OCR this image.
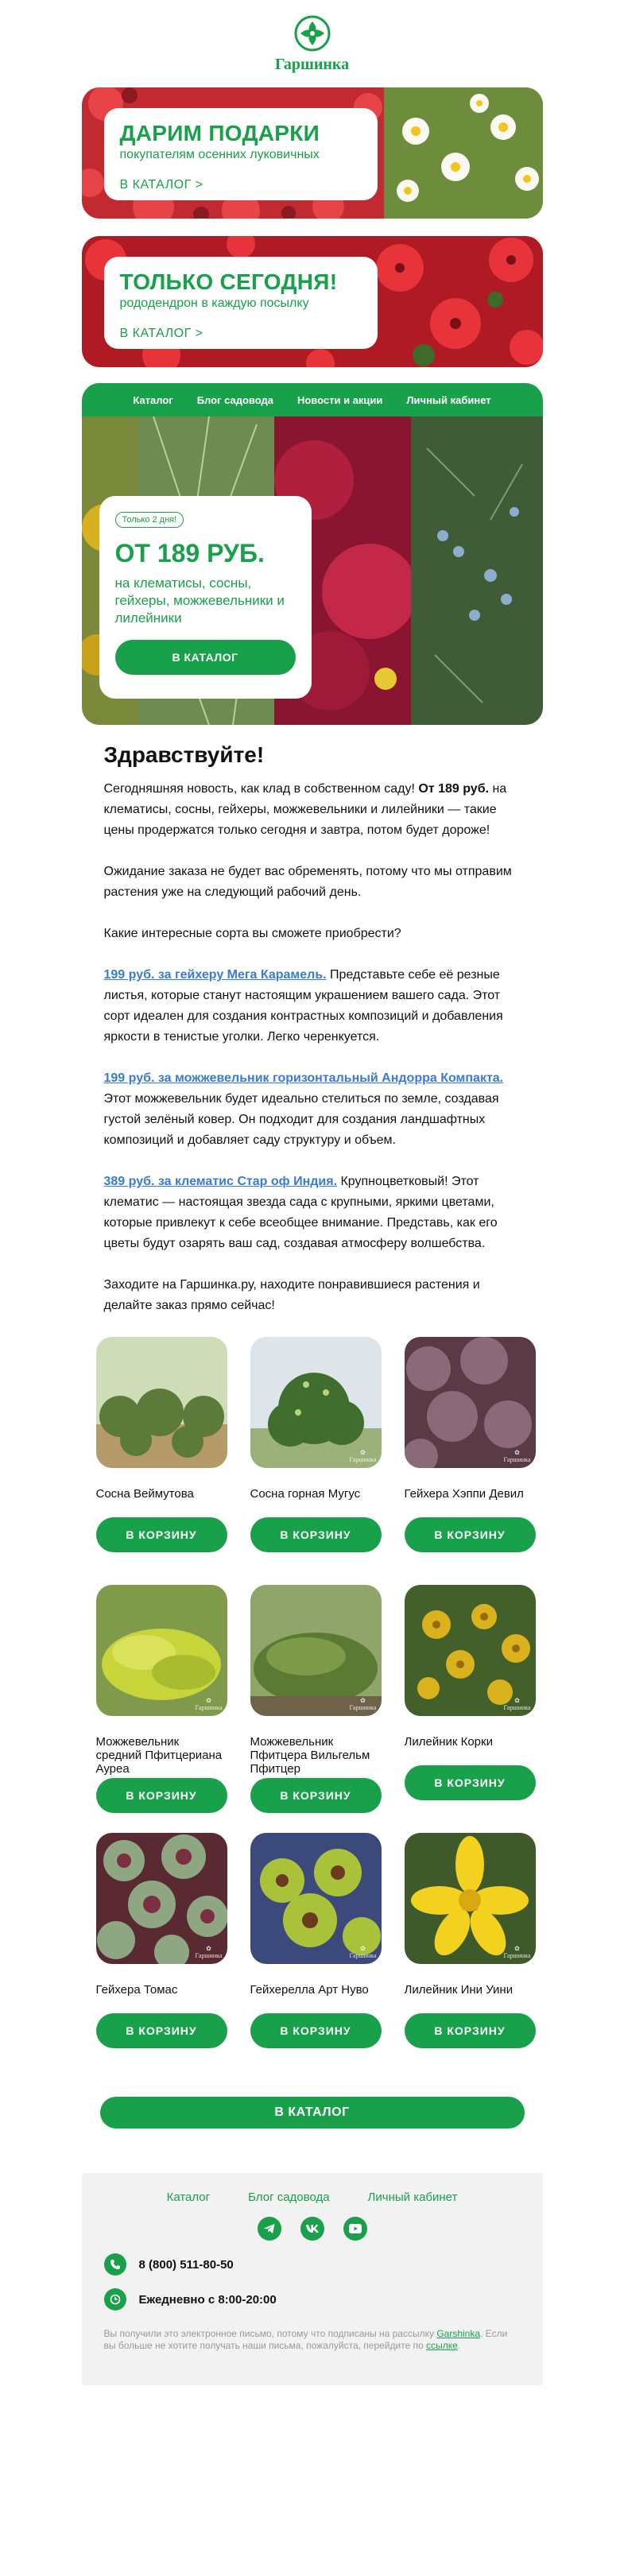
Гаршинка
ДАРИМ ПОДАРКИ
покупателям осенних луковичных
В КАТАЛОГ >
ТОЛЬКО СЕГОДНЯ!
рододендрон в каждую посылку
В КАТАЛОГ >
Каталог Блог садовода Новости и акции Личный кабинет
Только 2 дня!
ОТ 189 РУБ.
на клематисы, сосны, гейхеры, можжевельники и лилейники
В КАТАЛОГ
Здравствуйте!

Сегодняшняя новость, как клад в собственном саду! От 189 руб. на клематисы, сосны, гейхеры, можжевельники и лилейники — такие цены продержатся только сегодня и завтра, потом будет дороже!

Ожидание заказа не будет вас обременять, потому что мы отправим растения уже на следующий рабочий день.

Какие интересные сорта вы сможете приобрести?

199 руб. за гейхеру Мега Карамель. Представьте себе её резные листья, которые станут настоящим украшением вашего сада. Этот сорт идеален для создания контрастных композиций и добавления яркости в тенистые уголки. Легко черенкуется.

199 руб. за можжевельник горизонтальный Андорра Компакта. Этот можжевельник будет идеально стелиться по земле, создавая густой зелёный ковер. Он подходит для создания ландшафтных композиций и добавляет саду структуру и объем.

389 руб. за клематис Стар оф Индия. Крупноцветковый! Этот клематис — настоящая звезда сада с крупными, яркими цветами, которые привлекут к себе всеобщее внимание. Представь, как его цветы будут озарять ваш сад, создавая атмосферу волшебства.

Заходите на Гаршинка.ру, находите понравившиеся растения и делайте заказ прямо сейчас!

Сосна Веймутова
В КОРЗИНУ
✿
Гаршинка
Сосна горная Мугус
В КОРЗИНУ
✿
Гаршинка
Гейхера Хэппи Девил
В КОРЗИНУ
✿
Гаршинка
Можжевельник средний Пфитцериана Ауреа
В КОРЗИНУ
✿
Гаршинка
Можжевельник Пфитцера Вильгельм Пфитцер
В КОРЗИНУ
✿
Гаршинка
Лилейник Корки
В КОРЗИНУ
✿
Гаршинка
Гейхера Томас
В КОРЗИНУ
✿
Гаршинка
Гейхерелла Арт Нуво
В КОРЗИНУ
✿
Гаршинка
Лилейник Ини Уини
В КОРЗИНУ
В КАТАЛОГ
Каталог	Блог садовода	Личный кабинет
8 (800) 511-80-50
Ежедневно с 8:00-20:00
Вы получили это электронное письмо, потому что подписаны на рассылку Garshinka. Если вы больше не хотите получать наши письма, пожалуйста, перейдите по ссылке.
